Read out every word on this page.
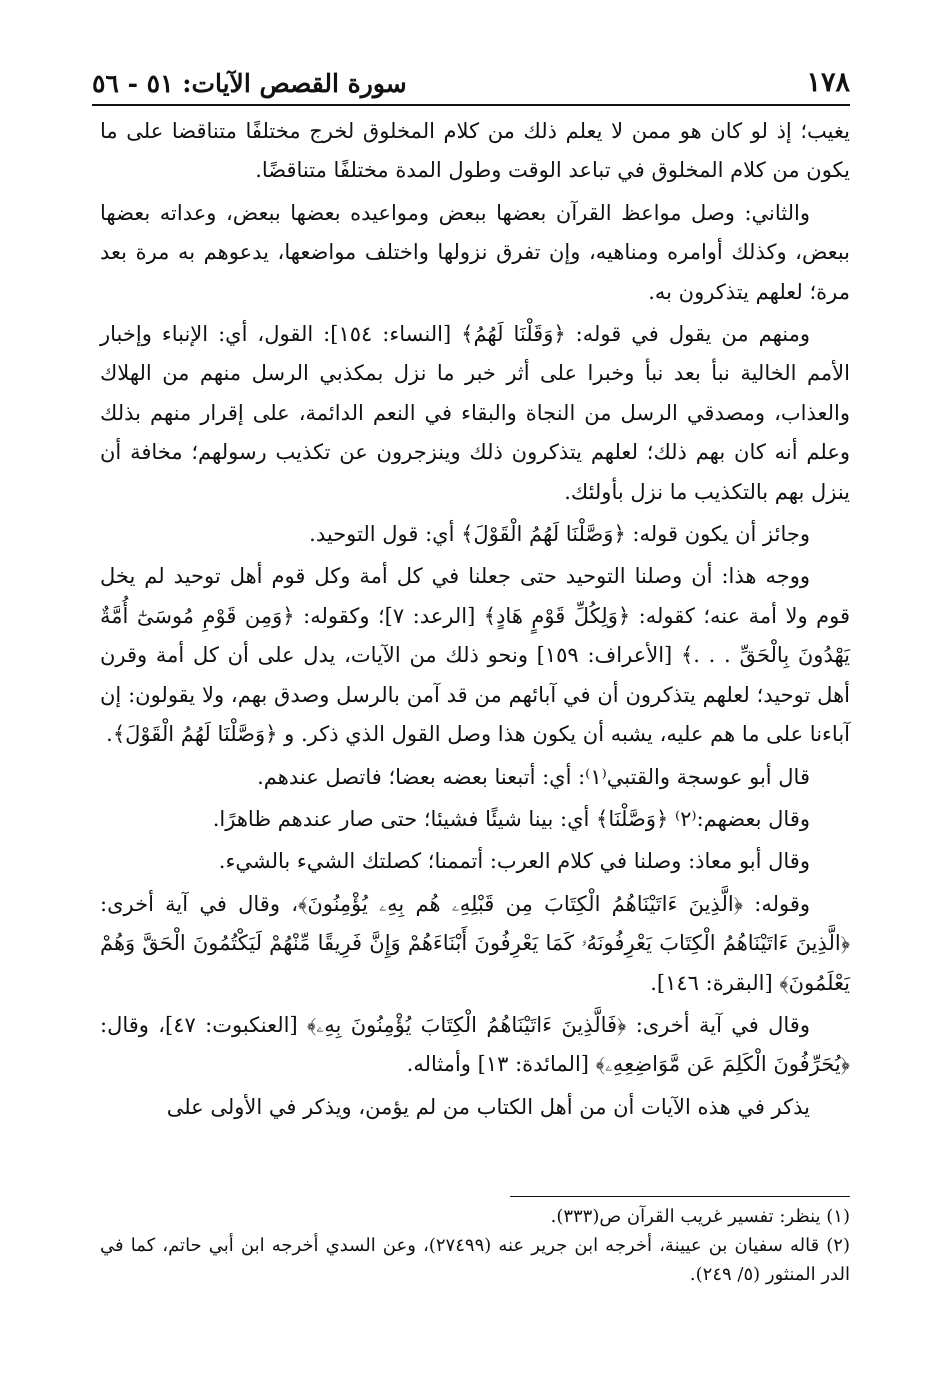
١٧٨
سورة القصص الآيات: ٥١ - ٥٦

يغيب؛ إذ لو كان هو ممن لا يعلم ذلك من كلام المخلوق لخرج مختلفًا متناقضا على ما يكون من كلام المخلوق في تباعد الوقت وطول المدة مختلفًا متناقضًا.

والثاني: وصل مواعظ القرآن بعضها ببعض ومواعيده بعضها ببعض، وعداته بعضها ببعض، وكذلك أوامره ومناهيه، وإن تفرق نزولها واختلف مواضعها، يدعوهم به مرة بعد مرة؛ لعلهم يتذكرون به.

ومنهم من يقول في قوله: ﴿وَقَلْنَا لَهُمُ﴾ [النساء: ١٥٤]: القول، أي: الإنباء وإخبار الأمم الخالية نبأ بعد نبأ وخبرا على أثر خبر ما نزل بمكذبي الرسل منهم من الهلاك والعذاب، ومصدقي الرسل من النجاة والبقاء في النعم الدائمة، على إقرار منهم بذلك وعلم أنه كان بهم ذلك؛ لعلهم يتذكرون ذلك وينزجرون عن تكذيب رسولهم؛ مخافة أن ينزل بهم بالتكذيب ما نزل بأولئك.

وجائز أن يكون قوله: ﴿وَصَّلْنَا لَهُمُ الْقَوْلَ﴾ أي: قول التوحيد.

ووجه هذا: أن وصلنا التوحيد حتى جعلنا في كل أمة وكل قوم أهل توحيد لم يخل قوم ولا أمة عنه؛ كقوله: ﴿وَلِكُلِّ قَوْمٍ هَادٍ﴾ [الرعد: ٧]؛ وكقوله: ﴿وَمِن قَوْمِ مُوسَىٰٓ أُمَّةٌ يَهْدُونَ بِالْحَقِّ . . .﴾ [الأعراف: ١٥٩] ونحو ذلك من الآيات، يدل على أن كل أمة وقرن أهل توحيد؛ لعلهم يتذكرون أن في آبائهم من قد آمن بالرسل وصدق بهم، ولا يقولون: إن آباءنا على ما هم عليه، يشبه أن يكون هذا وصل القول الذي ذكر. و ﴿وَصَّلْنَا لَهُمُ الْقَوْلَ﴾.

قال أبو عوسجة والقتبي⁽١⁾: أي: أتبعنا بعضه بعضا؛ فاتصل عندهم.

وقال بعضهم:⁽٢⁾ ﴿وَصَّلْنَا﴾ أي: بينا شيئًا فشيئا؛ حتى صار عندهم ظاهرًا.

وقال أبو معاذ: وصلنا في كلام العرب: أتممنا؛ كصلتك الشيء بالشيء.

وقوله: ﴿الَّذِينَ ءَاتَيْنَاهُمُ الْكِتَابَ مِن قَبْلِهِۦ هُم بِهِۦ يُؤْمِنُونَ﴾، وقال في آية أخرى: ﴿الَّذِينَ ءَاتَيْنَاهُمُ الْكِتَابَ يَعْرِفُونَهُۥ كَمَا يَعْرِفُونَ أَبْنَاءَهُمْ وَإِنَّ فَرِيقًا مِّنْهُمْ لَيَكْتُمُونَ الْحَقَّ وَهُمْ يَعْلَمُونَ﴾ [البقرة: ١٤٦].

وقال في آية أخرى: ﴿فَالَّذِينَ ءَاتَيْنَاهُمُ الْكِتَابَ يُؤْمِنُونَ بِهِۦ﴾ [العنكبوت: ٤٧]، وقال: ﴿يُحَرِّفُونَ الْكَلِمَ عَن مَّوَاضِعِهِۦ﴾ [المائدة: ١٣] وأمثاله.

يذكر في هذه الآيات أن من أهل الكتاب من لم يؤمن، ويذكر في الأولى على

(١) ينظر: تفسير غريب القرآن ص(٣٣٣).

(٢) قاله سفيان بن عيينة، أخرجه ابن جرير عنه (٢٧٤٩٩)، وعن السدي أخرجه ابن أبي حاتم، كما في الدر المنثور (٥/ ٢٤٩).
